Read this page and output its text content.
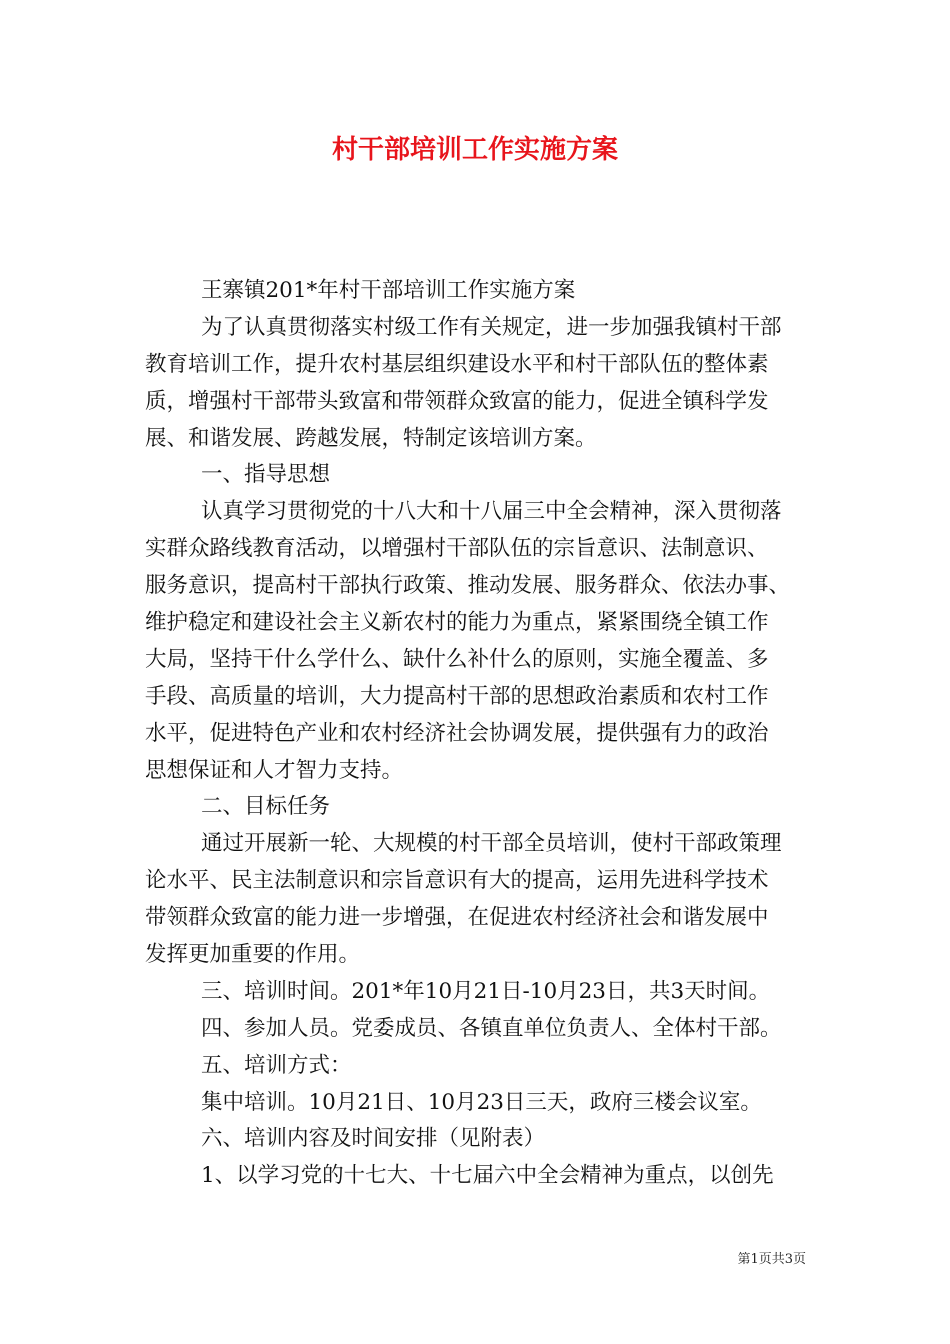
村干部培训工作实施方案
王寨镇201*年村干部培训工作实施方案
为了认真贯彻落实村级工作有关规定，进一步加强我镇村干部
教育培训工作，提升农村基层组织建设水平和村干部队伍的整体素
质，增强村干部带头致富和带领群众致富的能力，促进全镇科学发
展、和谐发展、跨越发展，特制定该培训方案。
一、指导思想
认真学习贯彻党的十八大和十八届三中全会精神，深入贯彻落
实群众路线教育活动，以增强村干部队伍的宗旨意识、法制意识、
服务意识，提高村干部执行政策、推动发展、服务群众、依法办事、
维护稳定和建设社会主义新农村的能力为重点，紧紧围绕全镇工作
大局，坚持干什么学什么、缺什么补什么的原则，实施全覆盖、多
手段、高质量的培训，大力提高村干部的思想政治素质和农村工作
水平，促进特色产业和农村经济社会协调发展，提供强有力的政治
思想保证和人才智力支持。
二、目标任务
通过开展新一轮、大规模的村干部全员培训，使村干部政策理
论水平、民主法制意识和宗旨意识有大的提高，运用先进科学技术
带领群众致富的能力进一步增强，在促进农村经济社会和谐发展中
发挥更加重要的作用。
三、培训时间。201*年10月21日-10月23日，共3天时间。
四、参加人员。党委成员、各镇直单位负责人、全体村干部。
五、培训方式：
集中培训。10月21日、10月23日三天，政府三楼会议室。
六、培训内容及时间安排（见附表）
1、以学习党的十七大、十七届六中全会精神为重点，以创先
第1页共3页
